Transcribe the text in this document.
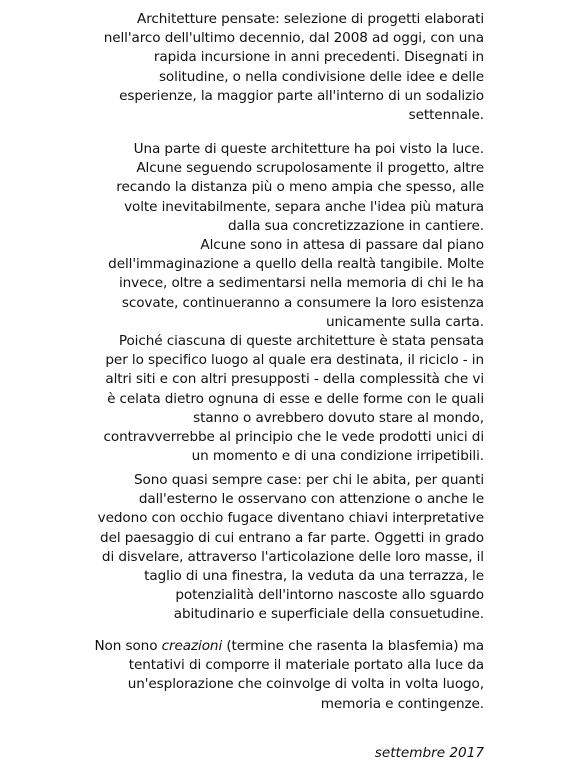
Architetture pensate: selezione di progetti elaborati
nell'arco dell'ultimo decennio, dal 2008 ad oggi, con una
rapida incursione in anni precedenti. Disegnati in
solitudine, o nella condivisione delle idee e delle
esperienze, la maggior parte all'interno di un sodalizio
settennale.
Una parte di queste architetture ha poi visto la luce.
Alcune seguendo scrupolosamente il progetto, altre
recando la distanza più o meno ampia che spesso, alle
volte inevitabilmente, separa anche l'idea più matura
dalla sua concretizzazione in cantiere.
Alcune sono in attesa di passare dal piano
dell'immaginazione a quello della realtà tangibile. Molte
invece, oltre a sedimentarsi nella memoria di chi le ha
scovate, continueranno a consumere la loro esistenza
unicamente sulla carta.
Poiché ciascuna di queste architetture è stata pensata
per lo specifico luogo al quale era destinata, il riciclo - in
altri siti e con altri presupposti - della complessità che vi
è celata dietro ognuna di esse e delle forme con le quali
stanno o avrebbero dovuto stare al mondo,
contravverrebbe al principio che le vede prodotti unici di
un momento e di una condizione irripetibili.
Sono quasi sempre case: per chi le abita, per quanti
dall'esterno le osservano con attenzione o anche le
vedono con occhio fugace diventano chiavi interpretative
del paesaggio di cui entrano a far parte. Oggetti in grado
di disvelare, attraverso l'articolazione delle loro masse, il
taglio di una finestra, la veduta da una terrazza, le
potenzialità dell'intorno nascoste allo sguardo
abitudinario e superficiale della consuetudine.
Non sono creazioni (termine che rasenta la blasfemia) ma
tentativi di comporre il materiale portato alla luce da
un'esplorazione che coinvolge di volta in volta luogo,
memoria e contingenze.
settembre 2017
